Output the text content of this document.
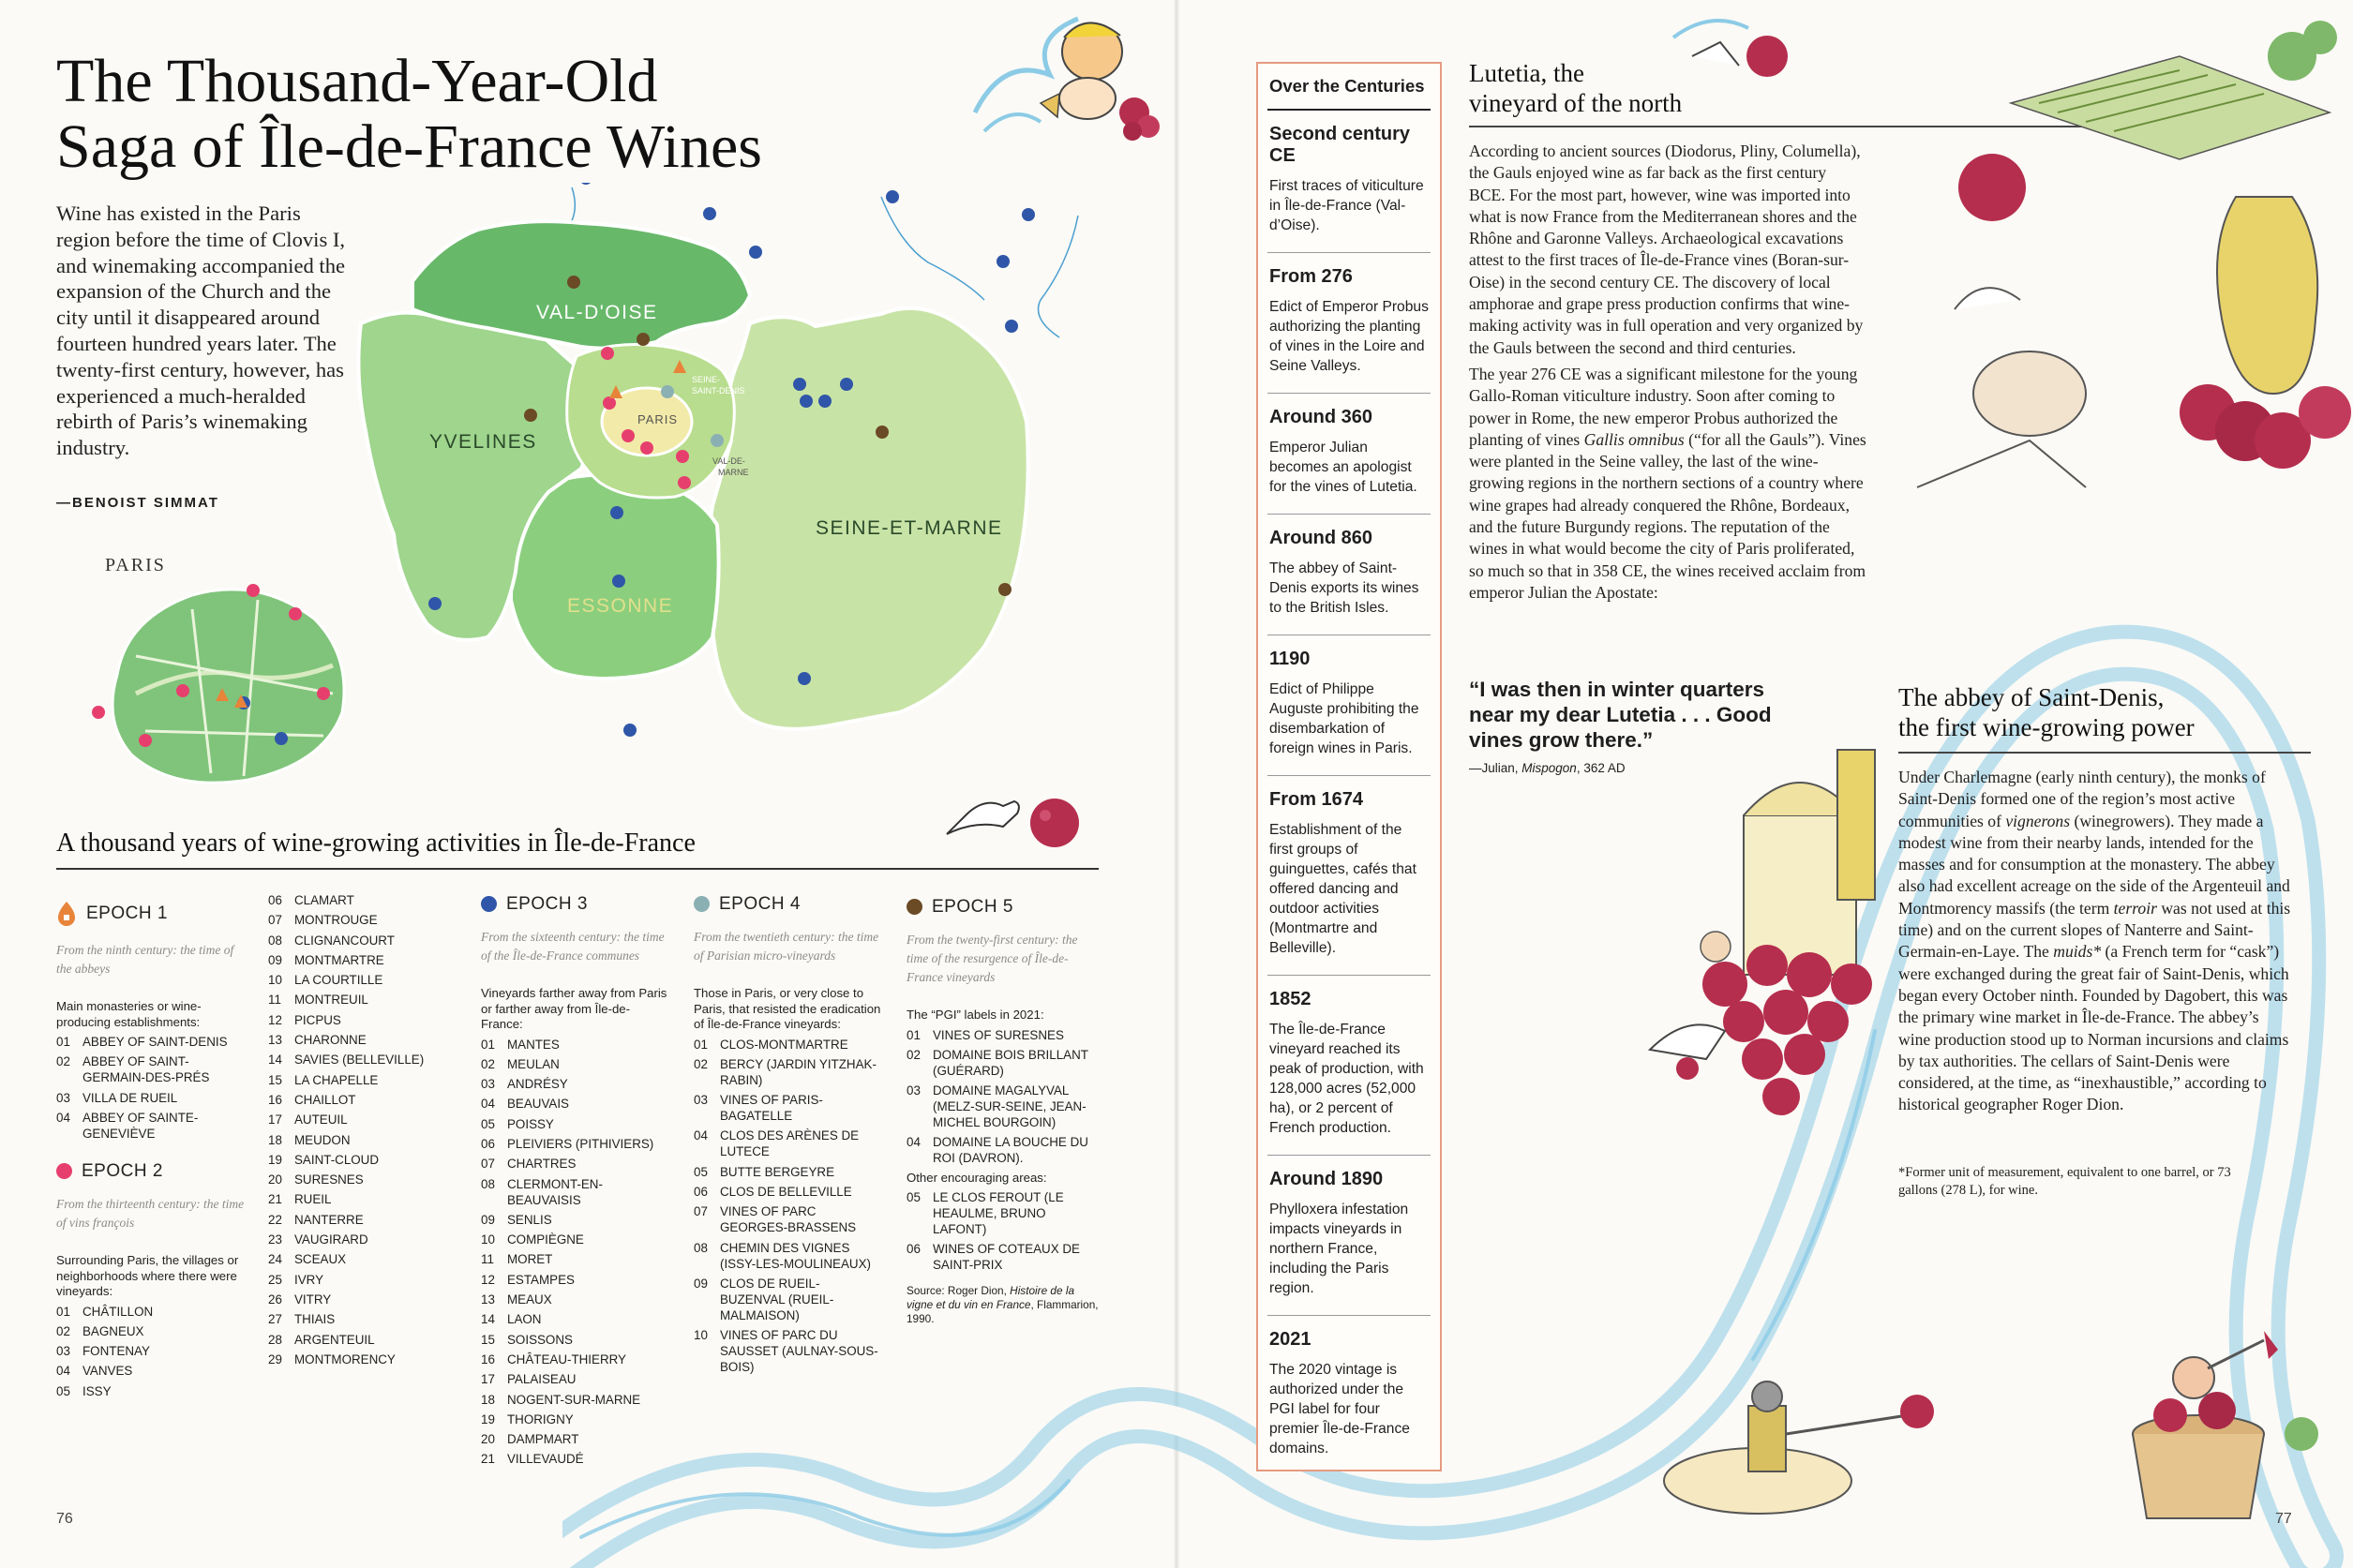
The Thousand-Year-Old
Saga of Île-de-France Wines
Wine has existed in the Paris region before the time of Clovis I, and winemaking accompanied the expansion of the Church and the city until it disappeared around fourteen hundred years later. The twenty-first century, however, has experienced a much-heralded rebirth of Paris’s winemaking industry.
—BENOIST SIMMAT
VAL-D'OISE
YVELINES
ESSONNE
SEINE-ET-MARNE
PARIS
SEINE-
SAINT-DENIS
VAL-DE-
MARNE
PARIS
A thousand years of wine-growing activities in Île-de-France
EPOCH 1
From the ninth century: the time of the abbeys
Main monasteries or wine-producing establishments:
01 ABBEY OF SAINT-DENIS
02 ABBEY OF SAINT-GERMAIN-DES-PRÉS
03 VILLA DE RUEIL
04 ABBEY OF SAINTE-GENEVIÈVE
EPOCH 2
From the thirteenth century: the time of vins françois
Surrounding Paris, the villages or neighborhoods where there were vineyards:
01 CHÂTILLON
02 BAGNEUX
03 FONTENAY
04 VANVES
05 ISSY
06 CLAMART
07 MONTROUGE
08 CLIGNANCOURT
09 MONTMARTRE
10 LA COURTILLE
11	MONTREUIL
12 PICPUS
13 CHARONNE
14 SAVIES (BELLEVILLE)
15 LA CHAPELLE
16 CHAILLOT
17 AUTEUIL
18 MEUDON
19 SAINT-CLOUD
20 SURESNES
21 RUEIL
22 NANTERRE
23 VAUGIRARD
24 SCEAUX
25 IVRY
26 VITRY
27 THIAIS
28 ARGENTEUIL
29 MONTMORENCY
EPOCH 3
From the sixteenth century: the time of the Île-de-France communes
Vineyards farther away from Paris or farther away from Île-de-France:
01 MANTES
02 MEULAN
03 ANDRÉSY
04 BEAUVAIS
05 POISSY
06 PLEIVIERS (PITHIVIERS)
07 CHARTRES
08 CLERMONT-EN-BEAUVAISIS
09 SENLIS
10 COMPIÈGNE
11	MORET
12 ESTAMPES
13 MEAUX
14 LAON
15 SOISSONS
16 CHÂTEAU-THIERRY
17 PALAISEAU
18 NOGENT-SUR-MARNE
19 THORIGNY
20 DAMPMART
21 VILLEVAUDÉ
EPOCH 4
From the twentieth century: the time of Parisian micro-vineyards
Those in Paris, or very close to Paris, that resisted the eradication of Île-de-France vineyards:
01 CLOS-MONTMARTRE
02 BERCY (JARDIN YITZHAK-RABIN)
03 VINES OF PARIS-BAGATELLE
04 CLOS DES ARÈNES DE LUTECE
05 BUTTE BERGEYRE
06 CLOS DE BELLEVILLE
07 VINES OF PARC GEORGES-BRASSENS
08 CHEMIN DES VIGNES (ISSY-LES-MOULINEAUX)
09 CLOS DE RUEIL-BUZENVAL (RUEIL-MALMAISON)
10 VINES OF PARC DU SAUSSET (AULNAY-SOUS-BOIS)
EPOCH 5
From the twenty-first century: the time of the resurgence of Île-de-France vineyards
The “PGI” labels in 2021:
01 VINES OF SURESNES
02 DOMAINE BOIS BRILLANT (GUÉRARD)
03 DOMAINE MAGALYVAL (MELZ-SUR-SEINE, JEAN-MICHEL BOURGOIN)
04 DOMAINE LA BOUCHE DU ROI (DAVRON).
Other encouraging areas:
05 LE CLOS FEROUT (LE HEAULME, BRUNO LAFONT)
06 WINES OF COTEAUX DE SAINT-PRIX
Source: Roger Dion, Histoire de la vigne et du vin en France, Flammarion, 1990.
76
Over the Centuries
Second century CE
First traces of viticulture in Île-de-France (Val-d’Oise).
From 276
Edict of Emperor Probus authorizing the planting of vines in the Loire and Seine Valleys.
Around 360
Emperor Julian becomes an apologist for the vines of Lutetia.
Around 860
The abbey of Saint-Denis exports its wines to the British Isles.
1190
Edict of Philippe Auguste prohibiting the disembarkation of foreign wines in Paris.
From 1674
Establishment of the first groups of guinguettes, cafés that offered dancing and outdoor activities (Montmartre and Belleville).
1852
The Île-de-France vineyard reached its peak of production, with 128,000 acres (52,000 ha), or 2 percent of French production.
Around 1890
Phylloxera infestation impacts vineyards in northern France, including the Paris region.
2021
The 2020 vintage is authorized under the PGI label for four premier Île-de-France domains.
Lutetia, the
vineyard of the north

According to ancient sources (Diodorus, Pliny, Columella), the Gauls enjoyed wine as far back as the first century BCE. For the most part, however, wine was imported into what is now France from the Mediterranean shores and the Rhône and Garonne Valleys. Archaeological excavations attest to the first traces of Île-de-France vines (Boran-sur-Oise) in the second century CE. The discovery of local amphorae and grape press production confirms that wine-making activity was in full operation and very organized by the Gauls between the second and third centuries.

The year 276 CE was a significant milestone for the young Gallo-Roman viticulture industry. Soon after coming to power in Rome, the new emperor Probus authorized the planting of vines Gallis omnibus (“for all the Gauls”). Vines were planted in the Seine valley, the last of the wine-growing regions in the northern sections of a country where wine grapes had already conquered the Rhône, Bordeaux, and the future Burgundy regions. The reputation of the wines in what would become the city of Paris proliferated, so much so that in 358 CE, the wines received acclaim from emperor Julian the Apostate:

“I was then in winter quarters near my dear Lutetia . . . Good vines grow there.”
—Julian, Mispogon, 362 AD
The abbey of Saint-Denis,
the first wine-growing power

Under Charlemagne (early ninth century), the monks of Saint-Denis formed one of the region’s most active communities of vignerons (winegrowers). They made a modest wine from their nearby lands, intended for the masses and for consumption at the monastery. The abbey also had excellent acreage on the side of the Argenteuil and Montmorency massifs (the term terroir was not used at this time) and on the current slopes of Nanterre and Saint-Germain-en-Laye. The muids* (a French term for “cask”) were exchanged during the great fair of Saint-Denis, which began every October ninth. Founded by Dagobert, this was the primary wine market in Île-de-France. The abbey’s wine production stood up to Norman incursions and claims by tax authorities. The cellars of Saint-Denis were considered, at the time, as “inexhaustible,” according to historical geographer Roger Dion.

*Former unit of measurement, equivalent to one barrel, or 73 gallons (278 L), for wine.
77
